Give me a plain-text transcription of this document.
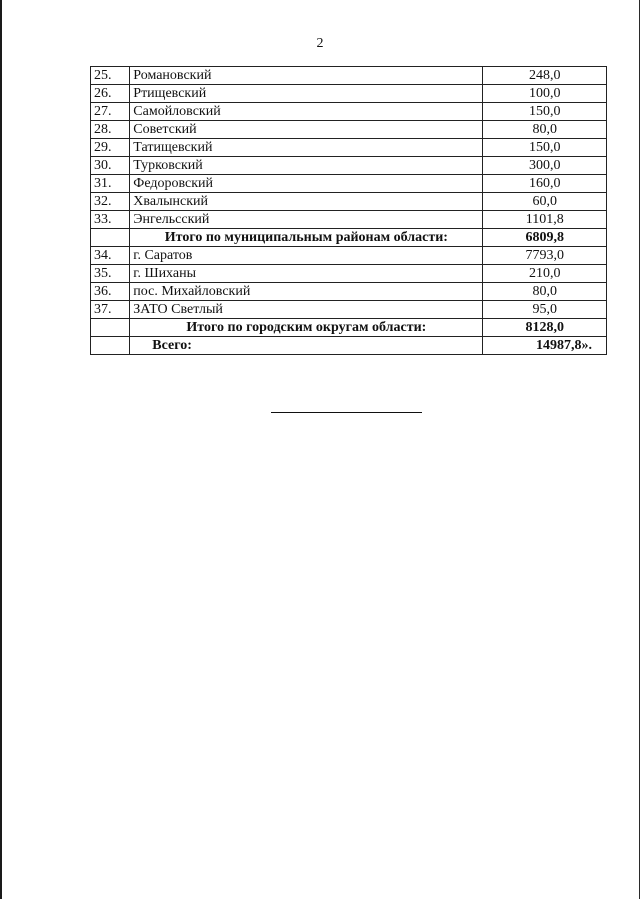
2
25.	Романовский	248,0
26.	Ртищевский	100,0
27.	Самойловский	150,0
28.	Советский	80,0
29.	Татищевский	150,0
30.	Турковский	300,0
31.	Федоровский	160,0
32.	Хвалынский	60,0
33.	Энгельсский	1101,8
	Итого по муниципальным районам области:	6809,8
34.	г. Саратов	7793,0
35.	г. Шиханы	210,0
36.	пос. Михайловский	80,0
37.	ЗАТО Светлый	95,0
	Итого по городским округам области:	8128,0
	Всего:	14987,8».
